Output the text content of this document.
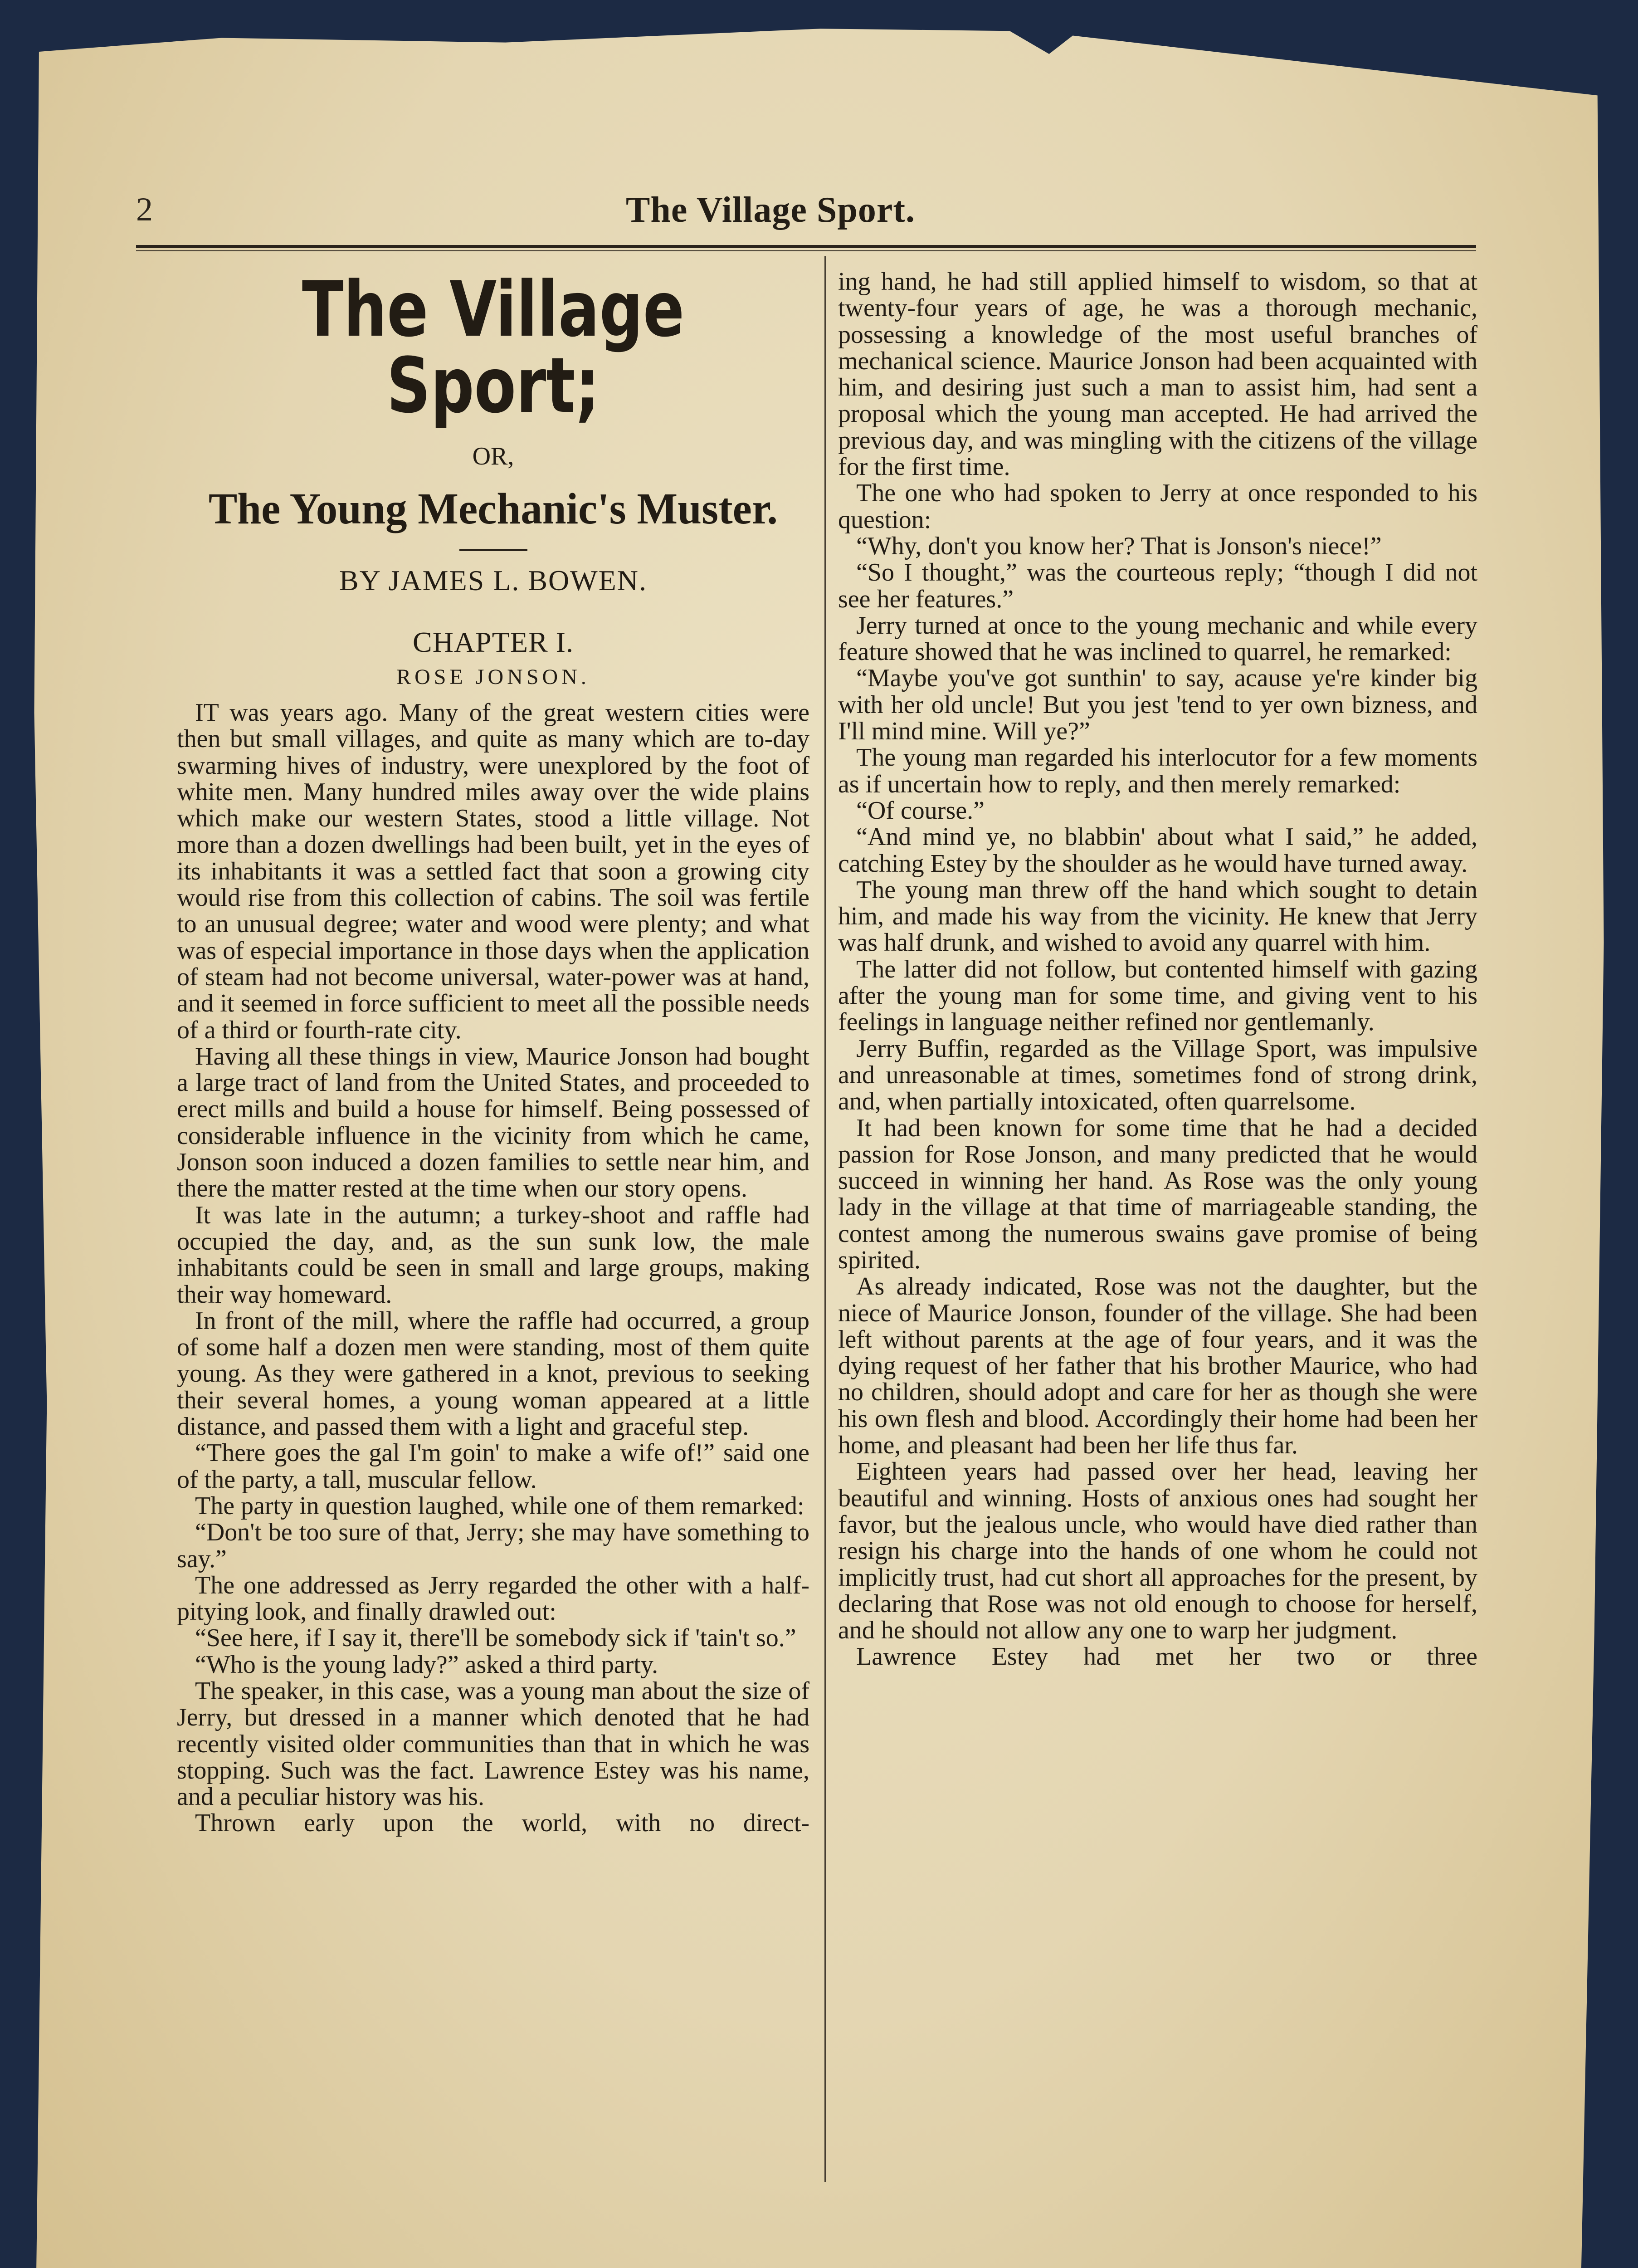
2	The Village Sport.
The Village Sport;
OR,
The Young Mechanic's Muster.
BY JAMES L. BOWEN.
CHAPTER I.
ROSE JONSON.

IT was years ago. Many of the great western cities were then but small villages, and quite as many which are to-day swarming hives of industry, were unexplored by the foot of white men. Many hundred miles away over the wide plains which make our western States, stood a little village. Not more than a dozen dwellings had been built, yet in the eyes of its inhabitants it was a settled fact that soon a growing city would rise from this collection of cabins. The soil was fertile to an unusual degree; water and wood were plenty; and what was of especial importance in those days when the application of steam had not become universal, water-power was at hand, and it seemed in force sufficient to meet all the possible needs of a third or fourth-rate city.

Having all these things in view, Maurice Jonson had bought a large tract of land from the United States, and proceeded to erect mills and build a house for himself. Being possessed of considerable influence in the vicinity from which he came, Jonson soon induced a dozen families to settle near him, and there the matter rested at the time when our story opens.

It was late in the autumn; a turkey-shoot and raffle had occupied the day, and, as the sun sunk low, the male inhabitants could be seen in small and large groups, making their way homeward.

In front of the mill, where the raffle had occurred, a group of some half a dozen men were standing, most of them quite young. As they were gathered in a knot, previous to seeking their several homes, a young woman appeared at a little distance, and passed them with a light and graceful step.

“There goes the gal I'm goin' to make a wife of!” said one of the party, a tall, muscular fellow.

The party in question laughed, while one of them remarked:

“Don't be too sure of that, Jerry; she may have something to say.”

The one addressed as Jerry regarded the other with a half-pitying look, and finally drawled out:

“See here, if I say it, there'll be somebody sick if 'tain't so.”

“Who is the young lady?” asked a third party.

The speaker, in this case, was a young man about the size of Jerry, but dressed in a manner which denoted that he had recently visited older communities than that in which he was stopping. Such was the fact. Lawrence Estey was his name, and a peculiar history was his.

Thrown early upon the world, with no direct-

ing hand, he had still applied himself to wisdom, so that at twenty-four years of age, he was a thorough mechanic, possessing a knowledge of the most useful branches of mechanical science. Maurice Jonson had been acquainted with him, and desiring just such a man to assist him, had sent a proposal which the young man accepted. He had arrived the previous day, and was mingling with the citizens of the village for the first time.

The one who had spoken to Jerry at once responded to his question:

“Why, don't you know her? That is Jonson's niece!”

“So I thought,” was the courteous reply; “though I did not see her features.”

Jerry turned at once to the young mechanic and while every feature showed that he was inclined to quarrel, he remarked:

“Maybe you've got sunthin' to say, acause ye're kinder big with her old uncle! But you jest 'tend to yer own bizness, and I'll mind mine. Will ye?”

The young man regarded his interlocutor for a few moments as if uncertain how to reply, and then merely remarked:

“Of course.”

“And mind ye, no blabbin' about what I said,” he added, catching Estey by the shoulder as he would have turned away.

The young man threw off the hand which sought to detain him, and made his way from the vicinity. He knew that Jerry was half drunk, and wished to avoid any quarrel with him.

The latter did not follow, but contented himself with gazing after the young man for some time, and giving vent to his feelings in language neither refined nor gentlemanly.

Jerry Buffin, regarded as the Village Sport, was impulsive and unreasonable at times, sometimes fond of strong drink, and, when partially intoxicated, often quarrelsome.

It had been known for some time that he had a decided passion for Rose Jonson, and many predicted that he would succeed in winning her hand. As Rose was the only young lady in the village at that time of marriageable standing, the contest among the numerous swains gave promise of being spirited.

As already indicated, Rose was not the daughter, but the niece of Maurice Jonson, founder of the village. She had been left without parents at the age of four years, and it was the dying request of her father that his brother Maurice, who had no children, should adopt and care for her as though she were his own flesh and blood. Accordingly their home had been her home, and pleasant had been her life thus far.

Eighteen years had passed over her head, leaving her beautiful and winning. Hosts of anxious ones had sought her favor, but the jealous uncle, who would have died rather than resign his charge into the hands of one whom he could not implicitly trust, had cut short all approaches for the present, by declaring that Rose was not old enough to choose for herself, and he should not allow any one to warp her judgment.

Lawrence Estey had met her two or three
